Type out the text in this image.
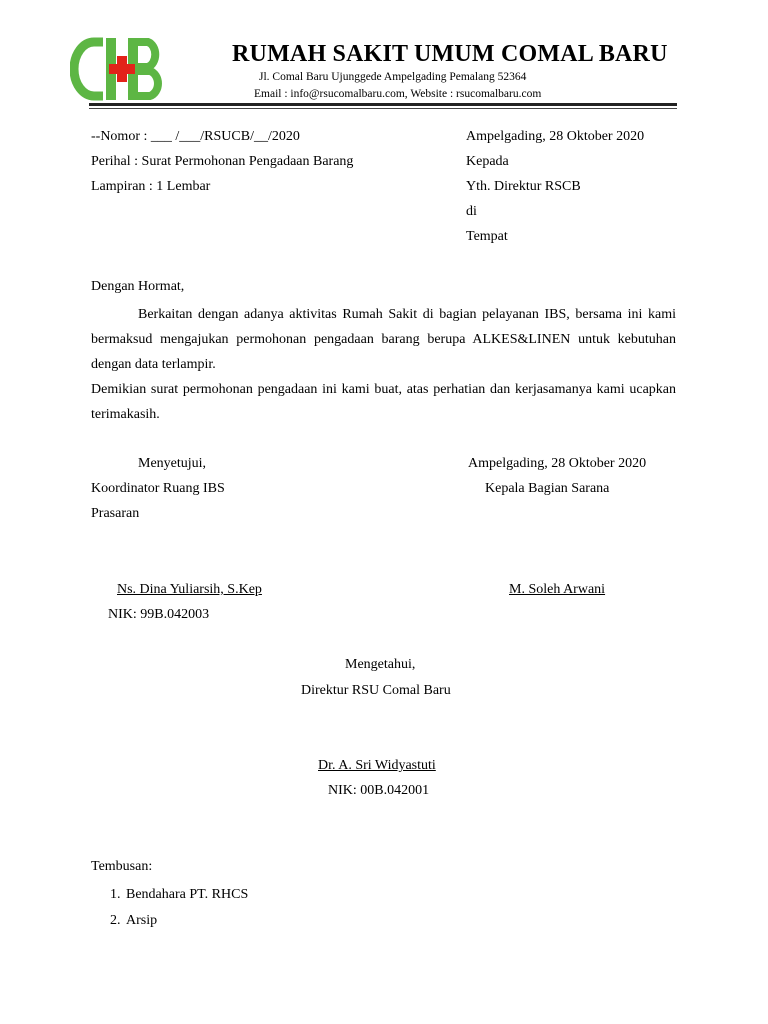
RUMAH SAKIT UMUM COMAL BARU
Jl. Comal Baru Ujunggede Ampelgading Pemalang 52364
Email : info@rsucomalbaru.com, Website : rsucomalbaru.com
--Nomor : ___ /___/RSUCB/__/2020
Perihal : Surat Permohonan Pengadaan Barang
Lampiran : 1 Lembar
Ampelgading, 28 Oktober 2020
Kepada
Yth. Direktur RSCB
di
Tempat
Dengan Hormat,
Berkaitan dengan adanya aktivitas Rumah Sakit di bagian pelayanan IBS, bersama ini kami bermaksud mengajukan permohonan pengadaan barang berupa ALKES&LINEN untuk kebutuhan dengan data terlampir.
Demikian surat permohonan pengadaan ini kami buat, atas perhatian dan kerjasamanya kami ucapkan terimakasih.
Menyetujui,	Ampelgading, 28 Oktober 2020
Koordinator Ruang IBS	Kepala Bagian Sarana
Prasaran
Ns. Dina Yuliarsih, S.Kep	M. Soleh Arwani
NIK: 99B.042003
Mengetahui,
Direktur RSU Comal Baru
Dr. A. Sri Widyastuti
NIK: 00B.042001
Tembusan:
1. Bendahara PT. RHCS
2. Arsip
